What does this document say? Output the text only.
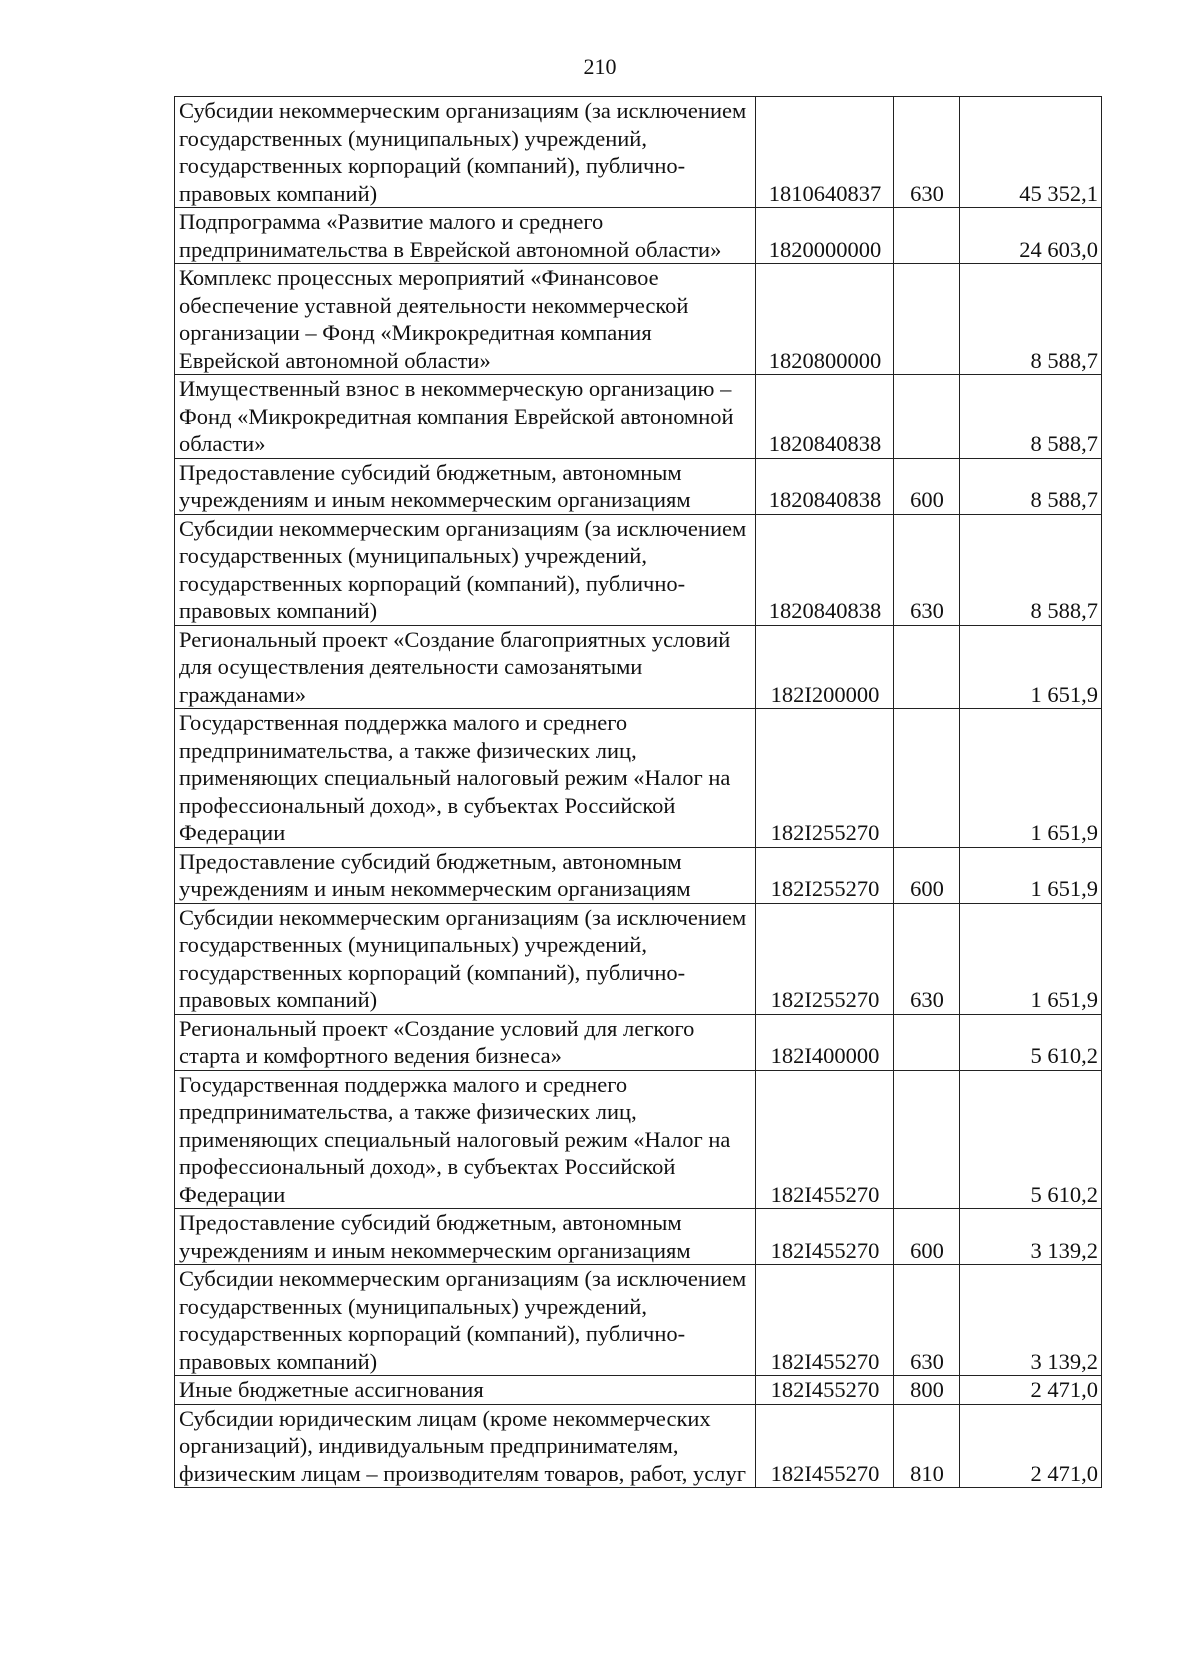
210
Субсидии некоммерческим организациям (за исключением государственных (муниципальных) учреждений, государственных корпораций (компаний), публично-правовых компаний)	1810640837	630	45 352,1
Подпрограмма «Развитие малого и среднего предпринимательства в Еврейской автономной области»	1820000000		24 603,0
Комплекс процессных мероприятий «Финансовое обеспечение уставной деятельности некоммерческой организации – Фонд «Микрокредитная компания Еврейской автономной области»	1820800000		8 588,7
Имущественный взнос в некоммерческую организацию – Фонд «Микрокредитная компания Еврейской автономной области»	1820840838		8 588,7
Предоставление субсидий бюджетным, автономным учреждениям и иным некоммерческим организациям	1820840838	600	8 588,7
Субсидии некоммерческим организациям (за исключением государственных (муниципальных) учреждений, государственных корпораций (компаний), публично-правовых компаний)	1820840838	630	8 588,7
Региональный проект «Создание благоприятных условий для осуществления деятельности самозанятыми гражданами»	182I200000		1 651,9
Государственная поддержка малого и среднего предпринимательства, а также физических лиц, применяющих специальный налоговый режим «Налог на профессиональный доход», в субъектах Российской Федерации	182I255270		1 651,9
Предоставление субсидий бюджетным, автономным учреждениям и иным некоммерческим организациям	182I255270	600	1 651,9
Субсидии некоммерческим организациям (за исключением государственных (муниципальных) учреждений, государственных корпораций (компаний), публично-правовых компаний)	182I255270	630	1 651,9
Региональный проект «Создание условий для легкого старта и комфортного ведения бизнеса»	182I400000		5 610,2
Государственная поддержка малого и среднего предпринимательства, а также физических лиц, применяющих специальный налоговый режим «Налог на профессиональный доход», в субъектах Российской Федерации	182I455270		5 610,2
Предоставление субсидий бюджетным, автономным учреждениям и иным некоммерческим организациям	182I455270	600	3 139,2
Субсидии некоммерческим организациям (за исключением государственных (муниципальных) учреждений, государственных корпораций (компаний), публично-правовых компаний)	182I455270	630	3 139,2
Иные бюджетные ассигнования	182I455270	800	2 471,0
Субсидии юридическим лицам (кроме некоммерческих организаций), индивидуальным предпринимателям, физическим лицам – производителям товаров, работ, услуг	182I455270	810	2 471,0
